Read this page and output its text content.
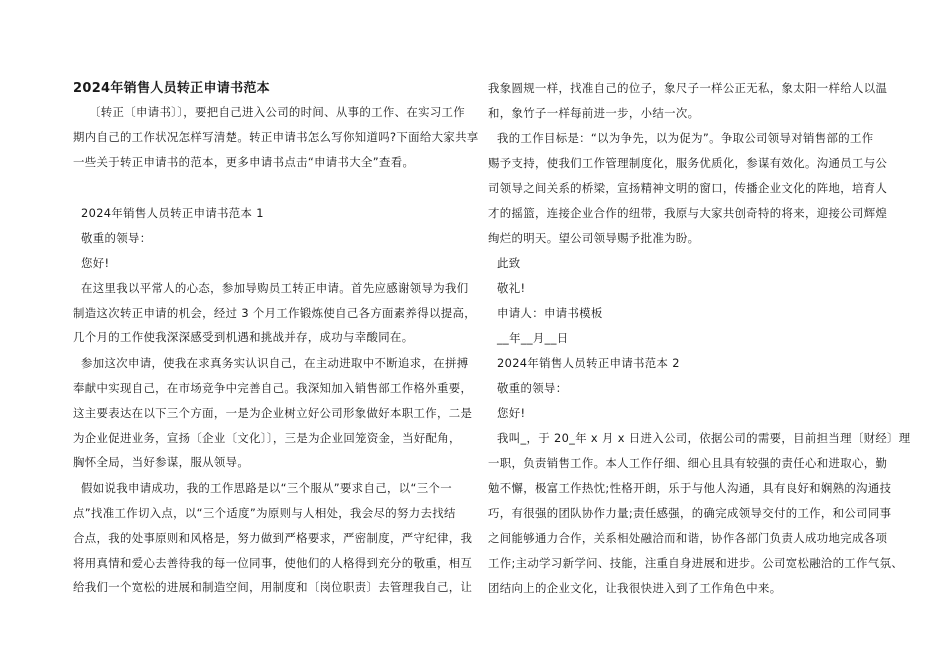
2024年销售人员转正申请书范本
〔转正〔申请书〕〕，要把自己进入公司的时间、从事的工作、在实习工作
期内自己的工作状况怎样写清楚。转正申请书怎么写你知道吗?下面给大家共享
一些关于转正申请书的范本，更多申请书点击“申请书大全”查看。
2024年销售人员转正申请书范本 1
敬重的领导：
您好!
在这里我以平常人的心态，参加导购员工转正申请。首先应感谢领导为我们
制造这次转正申请的机会，经过 3 个月工作锻炼使自己各方面素养得以提高，
几个月的工作使我深深感受到机遇和挑战并存，成功与幸酸同在。
参加这次申请，使我在求真务实认识自己，在主动进取中不断追求，在拼搏
奉献中实现自己，在市场竞争中完善自己。我深知加入销售部工作格外重要，
这主要表达在以下三个方面，一是为企业树立好公司形象做好本职工作，二是
为企业促进业务，宣扬〔企业〔文化〕〕，三是为企业回笼资金，当好配角，
胸怀全局，当好参谋，服从领导。
假如说我申请成功，我的工作思路是以“三个服从”要求自己，以“三个一
点”找准工作切入点，以“三个适度”为原则与人相处，我会尽的努力去找结
合点，我的处事原则和风格是，努力做到严格要求，严密制度，严守纪律，我
将用真情和爱心去善待我的每一位同事，使他们的人格得到充分的敬重，相互
给我们一个宽松的进展和制造空间，用制度和〔岗位职责〕去管理我自己，让
我象圆规一样，找准自己的位子，象尺子一样公正无私，象太阳一样给人以温
和，象竹子一样每前进一步，小结一次。
我的工作目标是：“以为争先，以为促为”。争取公司领导对销售部的工作
赐予支持，使我们工作管理制度化，服务优质化，参谋有效化。沟通员工与公
司领导之间关系的桥梁，宣扬精神文明的窗口，传播企业文化的阵地，培育人
才的摇篮，连接企业合作的纽带，我原与大家共创奇特的将来，迎接公司辉煌
绚烂的明天。望公司领导赐予批准为盼。
此致
敬礼!
申请人：申请书模板
__年__月__日
2024年销售人员转正申请书范本 2
敬重的领导：
您好!
我叫_，于 20_年 x 月 x 日进入公司，依据公司的需要，目前担当理〔财经〕理
一职，负责销售工作。本人工作仔细、细心且具有较强的责任心和进取心，勤
勉不懈，极富工作热忱;性格开朗，乐于与他人沟通，具有良好和娴熟的沟通技
巧，有很强的团队协作力量;责任感强，的确完成领导交付的工作，和公司同事
之间能够通力合作，关系相处融洽而和谐，协作各部门负责人成功地完成各项
工作;主动学习新学问、技能，注重自身进展和进步。公司宽松融洽的工作气氛、
团结向上的企业文化，让我很快进入到了工作角色中来。
